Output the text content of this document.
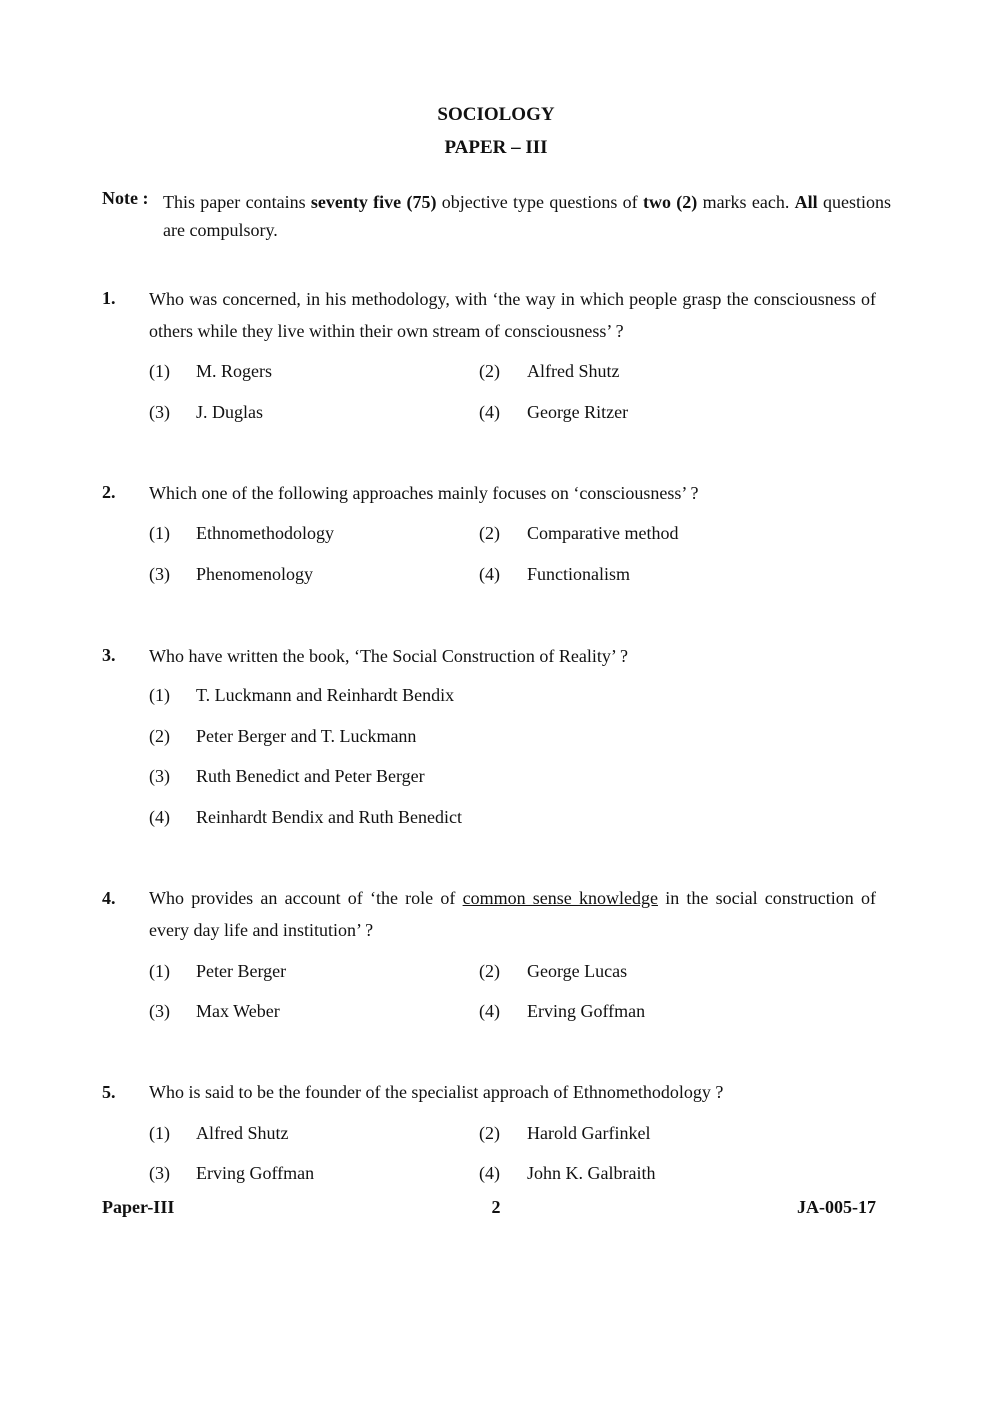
SOCIOLOGY
PAPER – III
Note : This paper contains seventy five (75) objective type questions of two (2) marks each. All questions are compulsory.
1. Who was concerned, in his methodology, with ‘the way in which people grasp the consciousness of others while they live within their own stream of consciousness’ ?
(1) M. Rogers	(2) Alfred Shutz
(3) J. Duglas	(4) George Ritzer
2. Which one of the following approaches mainly focuses on ‘consciousness’ ?
(1) Ethnomethodology	(2) Comparative method
(3) Phenomenology	(4) Functionalism
3. Who have written the book, ‘The Social Construction of Reality’ ?
(1) T. Luckmann and Reinhardt Bendix
(2) Peter Berger and T. Luckmann
(3) Ruth Benedict and Peter Berger
(4) Reinhardt Bendix and Ruth Benedict
4. Who provides an account of ‘the role of common sense knowledge in the social construction of every day life and institution’ ?
(1) Peter Berger	(2) George Lucas
(3) Max Weber	(4) Erving Goffman
5. Who is said to be the founder of the specialist approach of Ethnomethodology ?
(1) Alfred Shutz	(2) Harold Garfinkel
(3) Erving Goffman	(4) John K. Galbraith
Paper-III	2	JA-005-17
